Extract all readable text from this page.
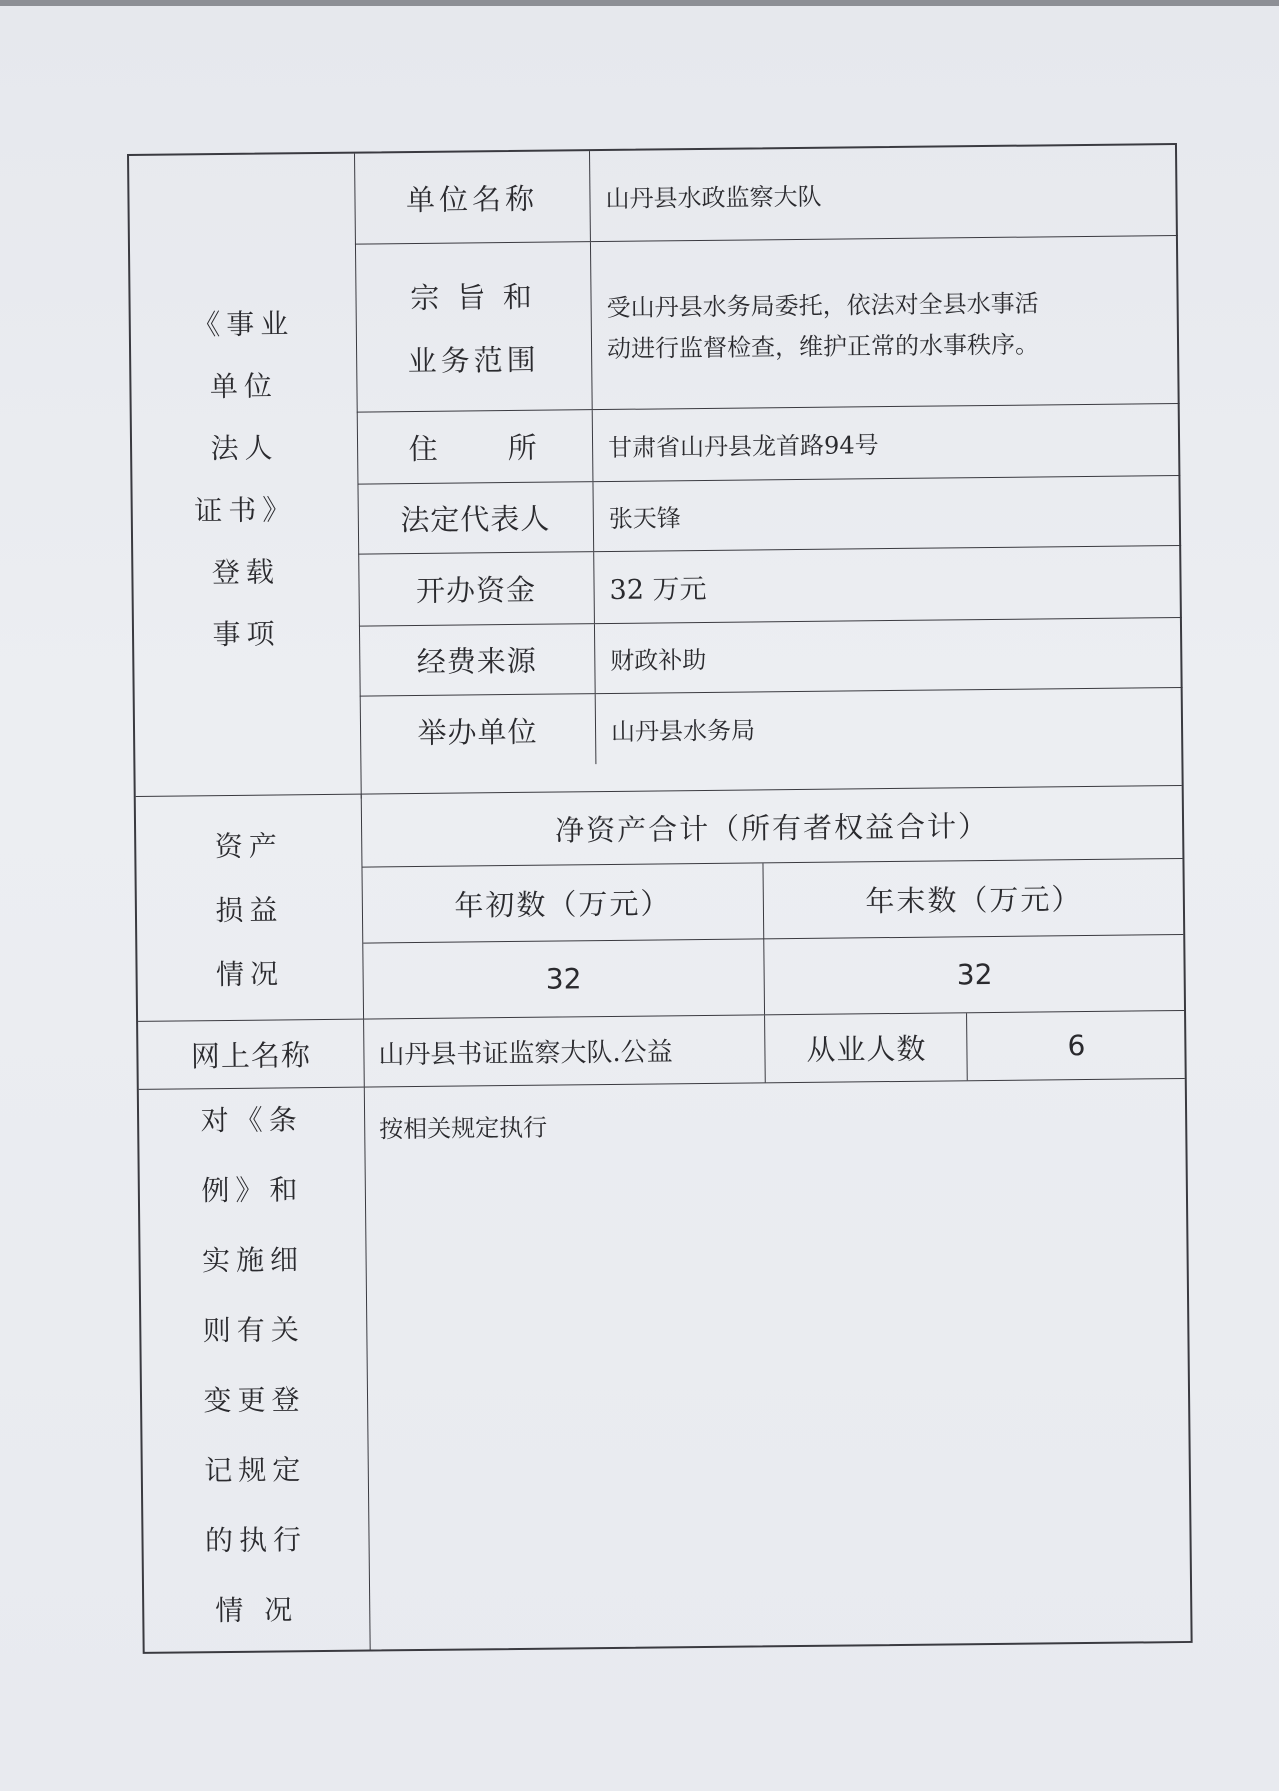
《事业
单位
法人
证书》
登载
事项
单位名称	山丹县水政监察大队
宗 旨 和
业务范围
受山丹县水务局委托，依法对全县水事活
动进行监督检查，维护正常的水事秩序。
住　　所	甘肃省山丹县龙首路94号
法定代表人	张天锋
开办资金	32 万元
经费来源	财政补助
举办单位	山丹县水务局
资产
损益
情况
净资产合计（所有者权益合计）
年初数（万元）	年末数（万元）
32	32
网上名称	山丹县书证监察大队.公益	从业人数	6
对《条
例》和
实施细
则有关
变更登
记规定
的执行
情 况
按相关规定执行
